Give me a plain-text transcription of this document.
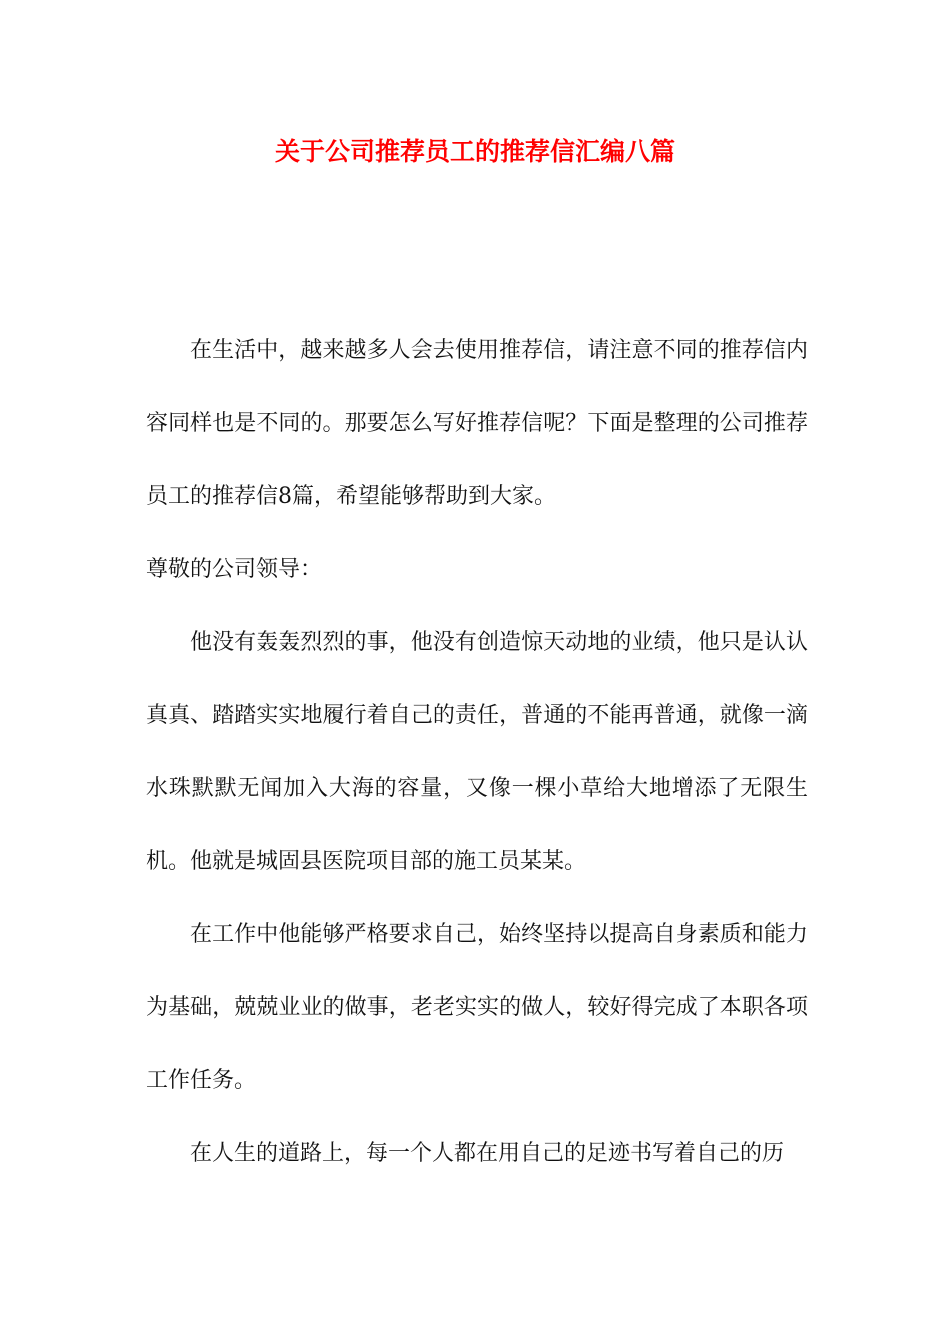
关于公司推荐员工的推荐信汇编八篇

在生活中，越来越多人会去使用推荐信，请注意不同的推荐信内容同样也是不同的。那要怎么写好推荐信呢？下面是整理的公司推荐员工的推荐信8篇，希望能够帮助到大家。

尊敬的公司领导：

他没有轰轰烈烈的事，他没有创造惊天动地的业绩，他只是认认真真、踏踏实实地履行着自己的责任，普通的不能再普通，就像一滴水珠默默无闻加入大海的容量，又像一棵小草给大地增添了无限生机。他就是城固县医院项目部的施工员某某。

在工作中他能够严格要求自己，始终坚持以提高自身素质和能力为基础，兢兢业业的做事，老老实实的做人，较好得完成了本职各项工作任务。

在人生的道路上，每一个人都在用自己的足迹书写着自己的历
